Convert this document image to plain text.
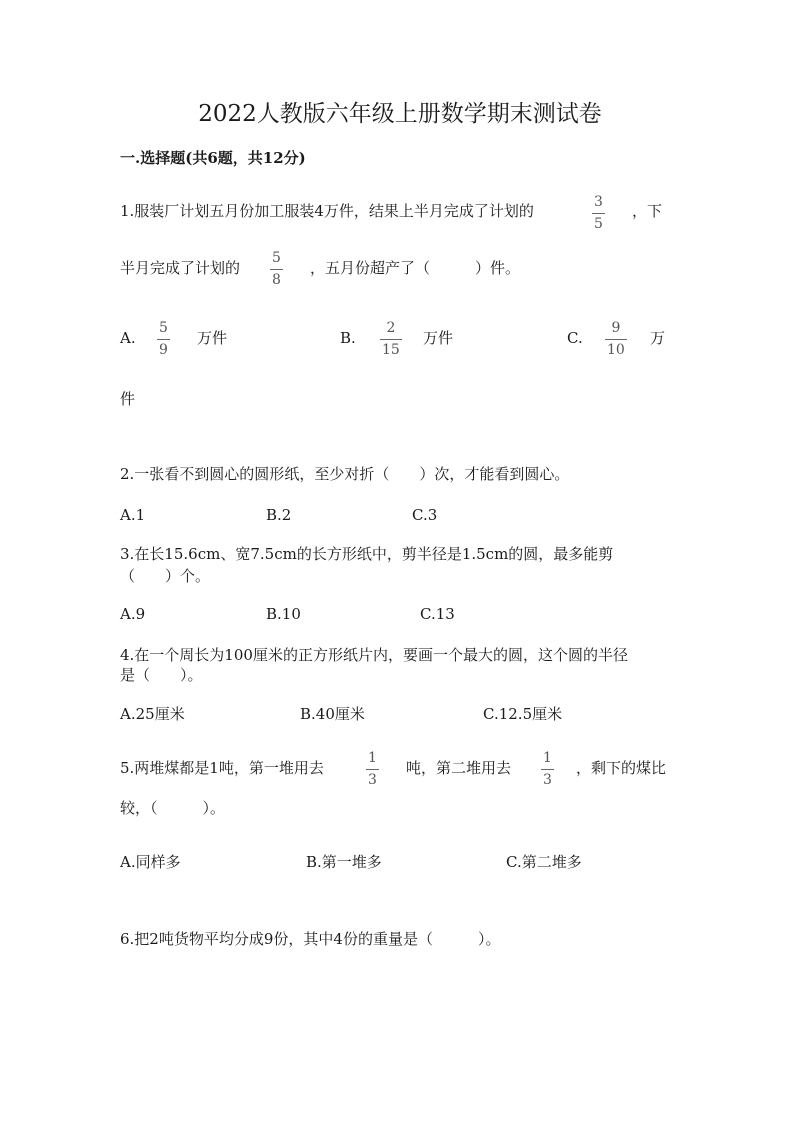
2022人教版六年级上册数学期末测试卷
一.选择题(共6题，共12分)
1.服装厂计划五月份加工服装4万件，结果上半月完成了计划的	3
5
，下
半月完成了计划的
5
8
，五月份超产了（　　　）件。
A.
5
9
万件	B.
2
15
万件	C.
9
10
万
件
2.一张看不到圆心的圆形纸，至少对折（　　）次，才能看到圆心。
A.1	B.2	C.3
3.在长15.6cm、宽7.5cm的长方形纸中，剪半径是1.5cm的圆，最多能剪
（　　）个。
A.9	B.10	C.13
4.在一个周长为100厘米的正方形纸片内，要画一个最大的圆，这个圆的半径
是（　　）。
A.25厘米	B.40厘米	C.12.5厘米
5.两堆煤都是1吨，第一堆用去
1
3
吨，第二堆用去
1
3
，剩下的煤比
较，（　　　）。
A.同样多	B.第一堆多	C.第二堆多
6.把2吨货物平均分成9份，其中4份的重量是（　　　）。
